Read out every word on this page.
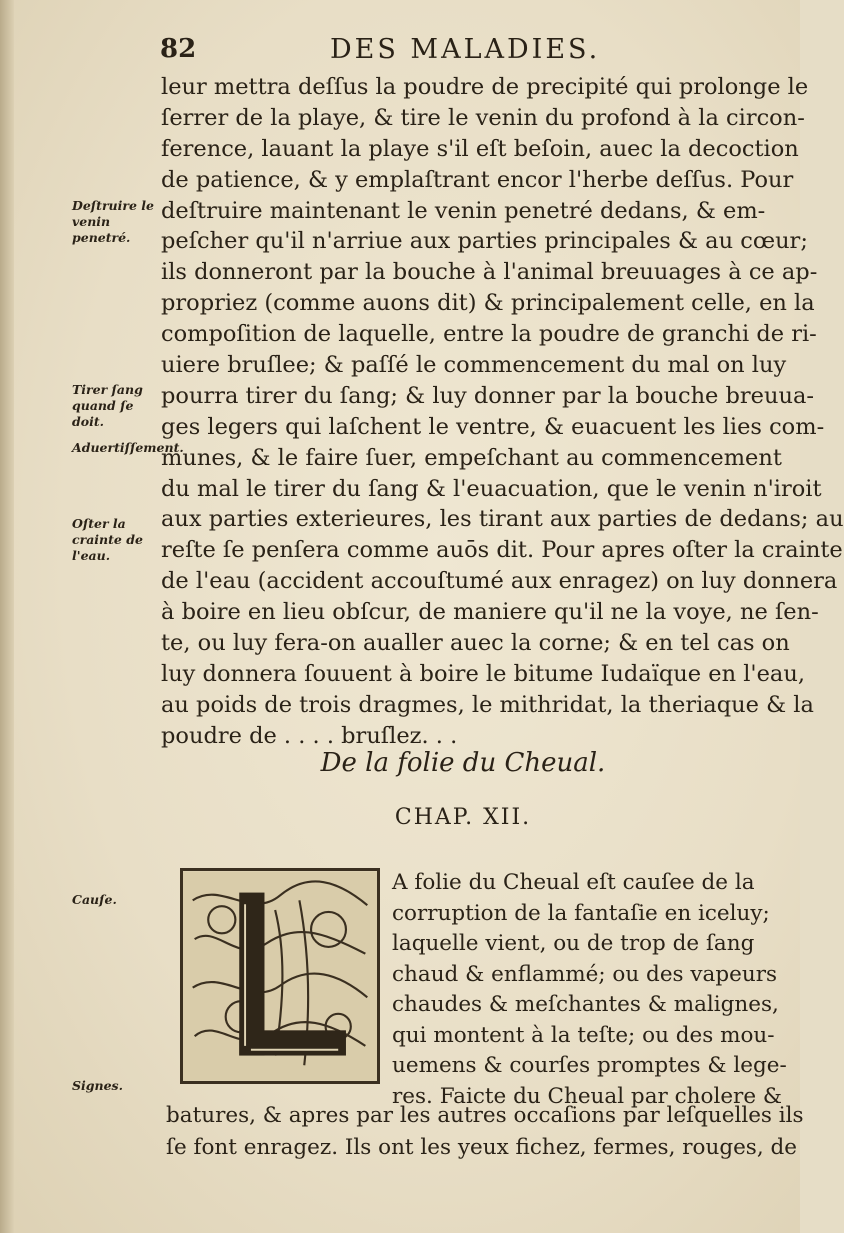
82	DES MALADIES.
leur mettra deſſus la poudre de precipité qui prolonge le
ſerrer de la playe, & tire le venin du profond à la circon-
ference, lauant la playe s'il eſt beſoin, auec la decoction
de patience, & y emplaſtrant encor l'herbe deſſus. Pour
deſtruire maintenant le venin penetré dedans, & em-
peſcher qu'il n'arriue aux parties principales & au cœur;
ils donneront par la bouche à l'animal breuuages à ce ap-
propriez (comme auons dit) & principalement celle, en la
compoſition de laquelle, entre la poudre de granchi de ri-
uiere bruſlee; & paſſé le commencement du mal on luy
pourra tirer du ſang; & luy donner par la bouche breuua-
ges legers qui laſchent le ventre, & euacuent les lies com-
munes, & le faire ſuer, empeſchant au commencement
du mal le tirer du ſang & l'euacuation, que le venin n'iroit
aux parties exterieures, les tirant aux parties de dedans; au
reſte ſe penſera comme auōs dit. Pour apres oſter la crainte
de l'eau (accident accouſtumé aux enragez) on luy donnera
à boire en lieu obſcur, de maniere qu'il ne la voye, ne ſen-
te, ou luy fera-on aualler auec la corne; & en tel cas on
luy donnera ſouuent à boire le bitume Iudaïque en l'eau,
au poids de trois dragmes, le mithridat, la theriaque & la
poudre de . . . . bruſlez. . .
Deſtruire le venin penetré.
Tirer ſang quand ſe doit.
Aduertiſſement.
Oſter la crainte de l'eau.
Cauſe.
Signes.
De la folie du Cheual.
CHAP. XII.
A folie du Cheual eſt cauſee de la
corruption de la fantaſie en iceluy;
laquelle vient, ou de trop de ſang
chaud & enflammé; ou des vapeurs
chaudes & meſchantes & malignes,
qui montent à la teſte; ou des mou-
uemens & courſes promptes & lege-
res. Faicte du Cheual par cholere &
batures, & apres par les autres occaſions par leſquelles ils
ſe font enragez. Ils ont les yeux fichez, fermes, rouges, de
